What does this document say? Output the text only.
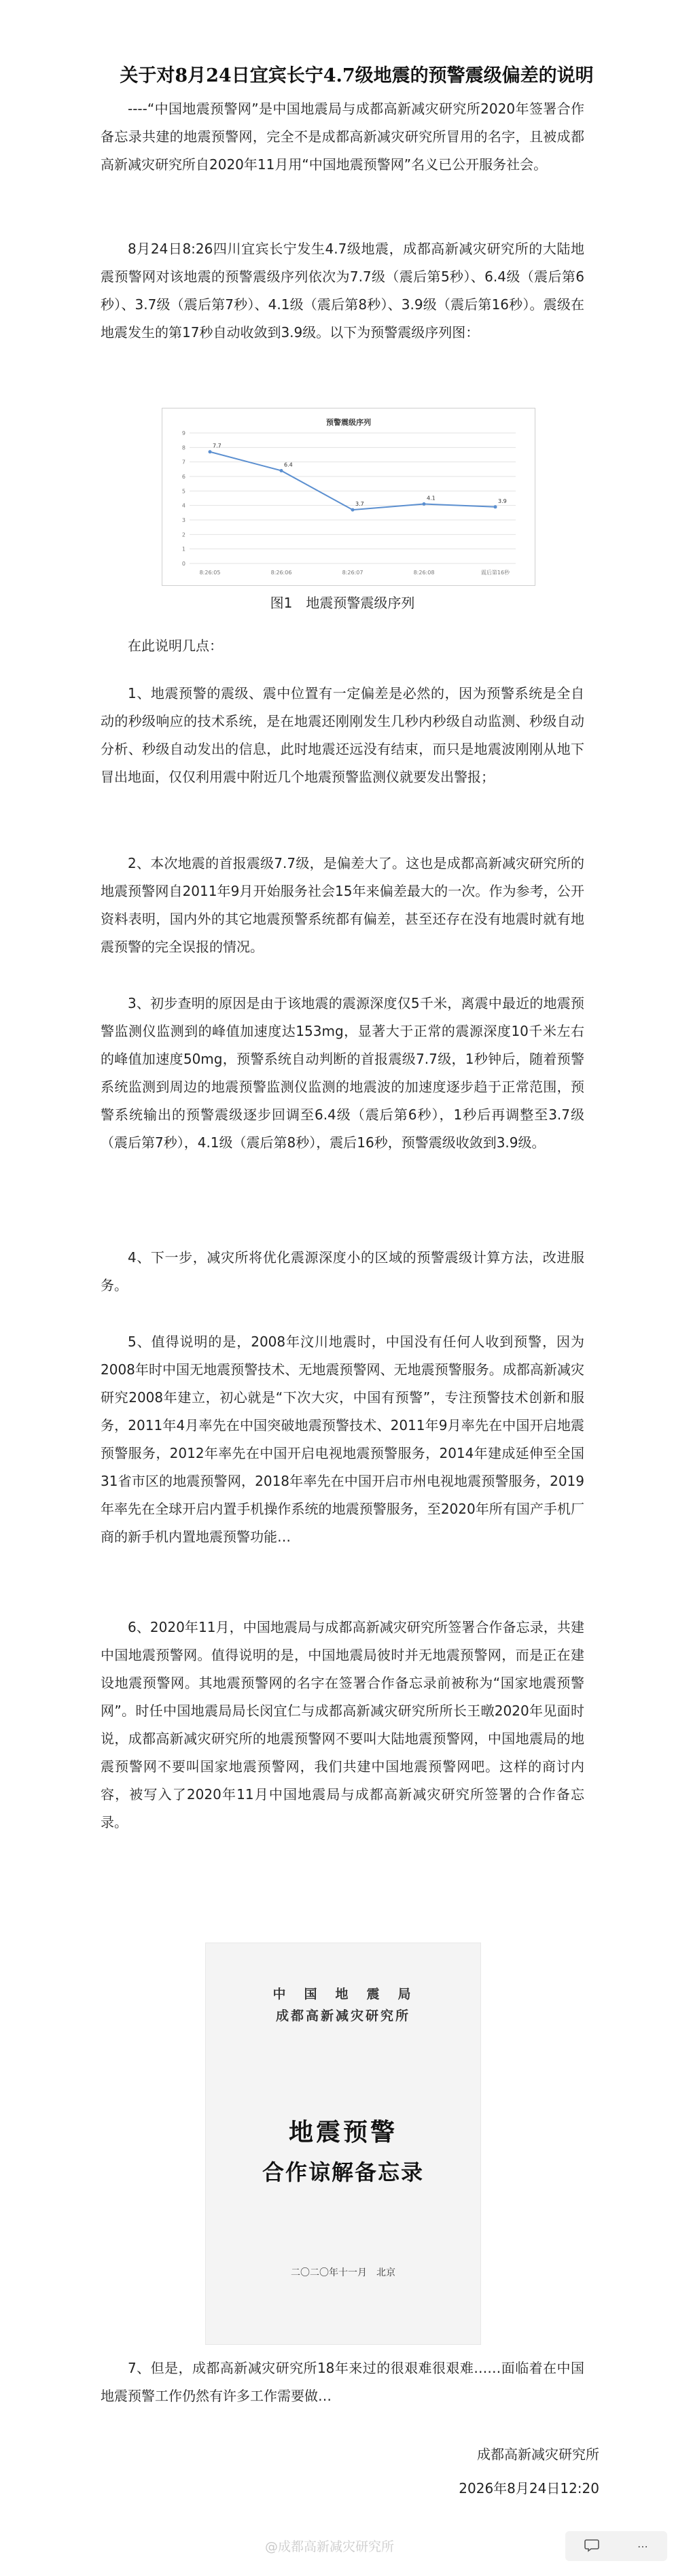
关于对8月24日宜宾长宁4.7级地震的预警震级偏差的说明

----“中国地震预警网”是中国地震局与成都高新减灾研究所2020年签署合作备忘录共建的地震预警网，完全不是成都高新减灾研究所冒用的名字，且被成都高新减灾研究所自2020年11月用“中国地震预警网”名义已公开服务社会。

8月24日8:26四川宜宾长宁发生4.7级地震，成都高新减灾研究所的大陆地震预警网对该地震的预警震级序列依次为7.7级（震后第5秒）、6.4级（震后第6秒）、3.7级（震后第7秒）、4.1级（震后第8秒）、3.9级（震后第16秒）。震级在地震发生的第17秒自动收敛到3.9级。以下为预警震级序列图：

预警震级序列
0
1
2
3
4
5
6
7
8
9
8:26:05	8:26:06	8:26:07	8:26:08	震后第16秒
7.7
6.4
3.7
4.1	3.9
图1　地震预警震级序列

在此说明几点：

1、地震预警的震级、震中位置有一定偏差是必然的，因为预警系统是全自动的秒级响应的技术系统，是在地震还刚刚发生几秒内秒级自动监测、秒级自动分析、秒级自动发出的信息，此时地震还远没有结束，而只是地震波刚刚从地下冒出地面，仅仅利用震中附近几个地震预警监测仪就要发出警报；

2、本次地震的首报震级7.7级，是偏差大了。这也是成都高新减灾研究所的地震预警网自2011年9月开始服务社会15年来偏差最大的一次。作为参考，公开资料表明，国内外的其它地震预警系统都有偏差，甚至还存在没有地震时就有地震预警的完全误报的情况。

3、初步查明的原因是由于该地震的震源深度仅5千米，离震中最近的地震预警监测仪监测到的峰值加速度达153mg，显著大于正常的震源深度10千米左右的峰值加速度50mg，预警系统自动判断的首报震级7.7级，1秒钟后，随着预警系统监测到周边的地震预警监测仪监测的地震波的加速度逐步趋于正常范围，预警系统输出的预警震级逐步回调至6.4级（震后第6秒），1秒后再调整至3.7级（震后第7秒），4.1级（震后第8秒），震后16秒，预警震级收敛到3.9级。

4、下一步，减灾所将优化震源深度小的区域的预警震级计算方法，改进服务。

5、值得说明的是，2008年汶川地震时，中国没有任何人收到预警，因为2008年时中国无地震预警技术、无地震预警网、无地震预警服务。成都高新减灾研究2008年建立，初心就是“下次大灾，中国有预警”，专注预警技术创新和服务，2011年4月率先在中国突破地震预警技术、2011年9月率先在中国开启地震预警服务，2012年率先在中国开启电视地震预警服务，2014年建成延伸至全国31省市区的地震预警网，2018年率先在中国开启市州电视地震预警服务，2019年率先在全球开启内置手机操作系统的地震预警服务，至2020年所有国产手机厂商的新手机内置地震预警功能…

6、2020年11月，中国地震局与成都高新减灾研究所签署合作备忘录，共建中国地震预警网。值得说明的是，中国地震局彼时并无地震预警网，而是正在建设地震预警网。其地震预警网的名字在签署合作备忘录前被称为“国家地震预警网”。时任中国地震局局长闵宜仁与成都高新减灾研究所所长王暾2020年见面时说，成都高新减灾研究所的地震预警网不要叫大陆地震预警网，中国地震局的地震预警网不要叫国家地震预警网，我们共建中国地震预警网吧。这样的商讨内容，被写入了2020年11月中国地震局与成都高新减灾研究所签署的合作备忘录。

中　国　地　震　局
成都高新减灾研究所
地震预警
合作谅解备忘录
二〇二〇年十一月　北京

7、但是，成都高新减灾研究所18年来过的很艰难很艰难……面临着在中国地震预警工作仍然有许多工作需要做…

成都高新减灾研究所
2026年8月24日12:20
@成都高新减灾研究所	⋯
